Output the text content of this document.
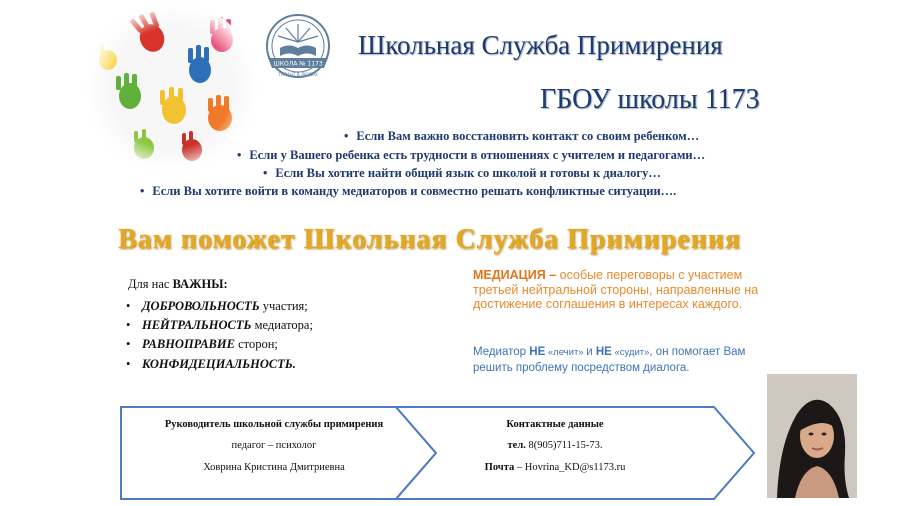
ШКОЛА № 1173
ТАЛАНТ В ЛЮДЯХ
Школьная Служба Примирения
ГБОУ школы 1173
• Если Вам важно восстановить контакт со своим ребенком…
• Если у Вашего ребенка есть трудности в отношениях с учителем и педагогами…
• Если Вы хотите найти общий язык со школой и готовы к диалогу…
• Если Вы хотите войти в команду медиаторов и совместно решать конфликтные ситуации….
Вам поможет Школьная Служба Примирения
Для нас ВАЖНЫ:
• ДОБРОВОЛЬНОСТЬ участия;
• НЕЙТРАЛЬНОСТЬ медиатора;
• РАВНОПРАВИЕ сторон;
• КОНФИДЕЦИАЛЬНОСТЬ.
МЕДИАЦИЯ – особые переговоры с участием третьей нейтральной стороны, направленные на достижение соглашения в интересах каждого.
Медиатор НЕ «лечит» и НЕ «судит», он помогает Вам решить проблему посредством диалога.
Руководитель школьной службы примирения
педагог – психолог
Ховрина Кристина Дмитриевна
Контактные данные
тел. 8(905)711-15-73.
Почта – Hovrina_KD@s1173.ru
